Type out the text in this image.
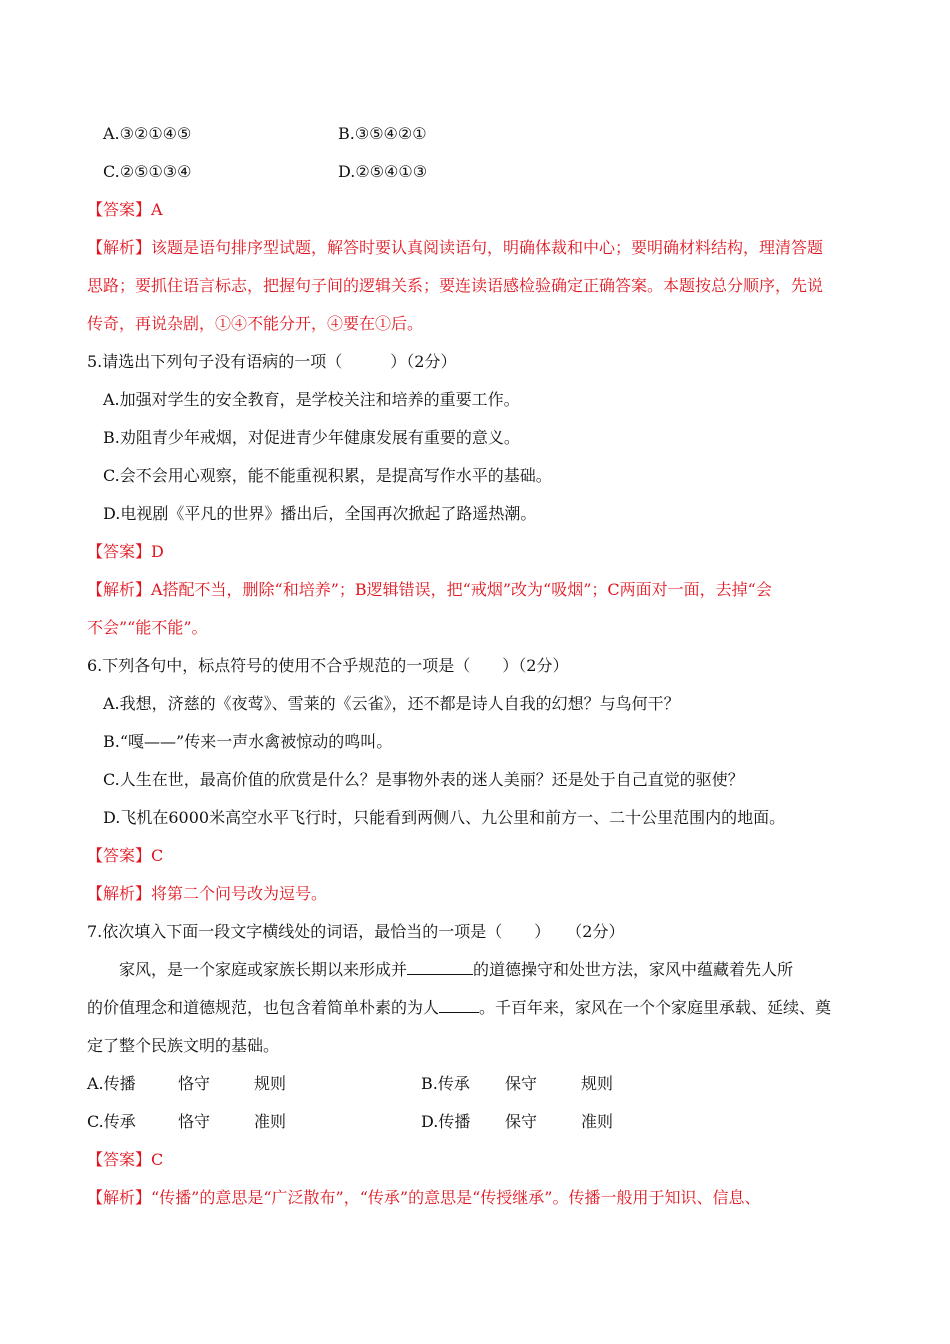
A.③②①④⑤	B.③⑤④②①
C.②⑤①③④	D.②⑤④①③
【答案】A
【解析】该题是语句排序型试题，解答时要认真阅读语句，明确体裁和中心；要明确材料结构，理清答题
思路；要抓住语言标志，把握句子间的逻辑关系；要连读语感检验确定正确答案。本题按总分顺序，先说
传奇，再说杂剧，①④不能分开，④要在①后。
5.请选出下列句子没有语病的一项（　　　）（2分）
A.加强对学生的安全教育，是学校关注和培养的重要工作。
B.劝阻青少年戒烟，对促进青少年健康发展有重要的意义。
C.会不会用心观察，能不能重视积累，是提高写作水平的基础。
D.电视剧《平凡的世界》播出后，全国再次掀起了路遥热潮。
【答案】D
【解析】A搭配不当，删除“和培养”；B逻辑错误，把“戒烟”改为“吸烟”；C两面对一面，去掉“会
不会”“能不能”。
6.下列各句中，标点符号的使用不合乎规范的一项是（　　）（2分）
A.我想，济慈的《夜莺》、雪莱的《云雀》，还不都是诗人自我的幻想？与鸟何干？
B.“嘎——”传来一声水禽被惊动的鸣叫。
C.人生在世，最高价值的欣赏是什么？是事物外表的迷人美丽？还是处于自己直觉的驱使？
D.飞机在6000米高空水平飞行时，只能看到两侧八、九公里和前方一、二十公里范围内的地面。
【答案】C
【解析】将第二个问号改为逗号。
7.依次填入下面一段文字横线处的词语，最恰当的一项是（　　）　　（2分）
家风，是一个家庭或家族长期以来形成并	的道德操守和处世方法，家风中蕴藏着先人所
的价值理念和道德规范，也包含着简单朴素的为人	。千百年来，家风在一个个家庭里承载、延续、奠
定了整个民族文明的基础。
A.传播	恪守	规则	B.传承 保守	规则
C.传承	恪守	准则	D.传播 保守	准则
【答案】C
【解析】“传播”的意思是“广泛散布”，“传承”的意思是“传授继承”。传播一般用于知识、信息、
